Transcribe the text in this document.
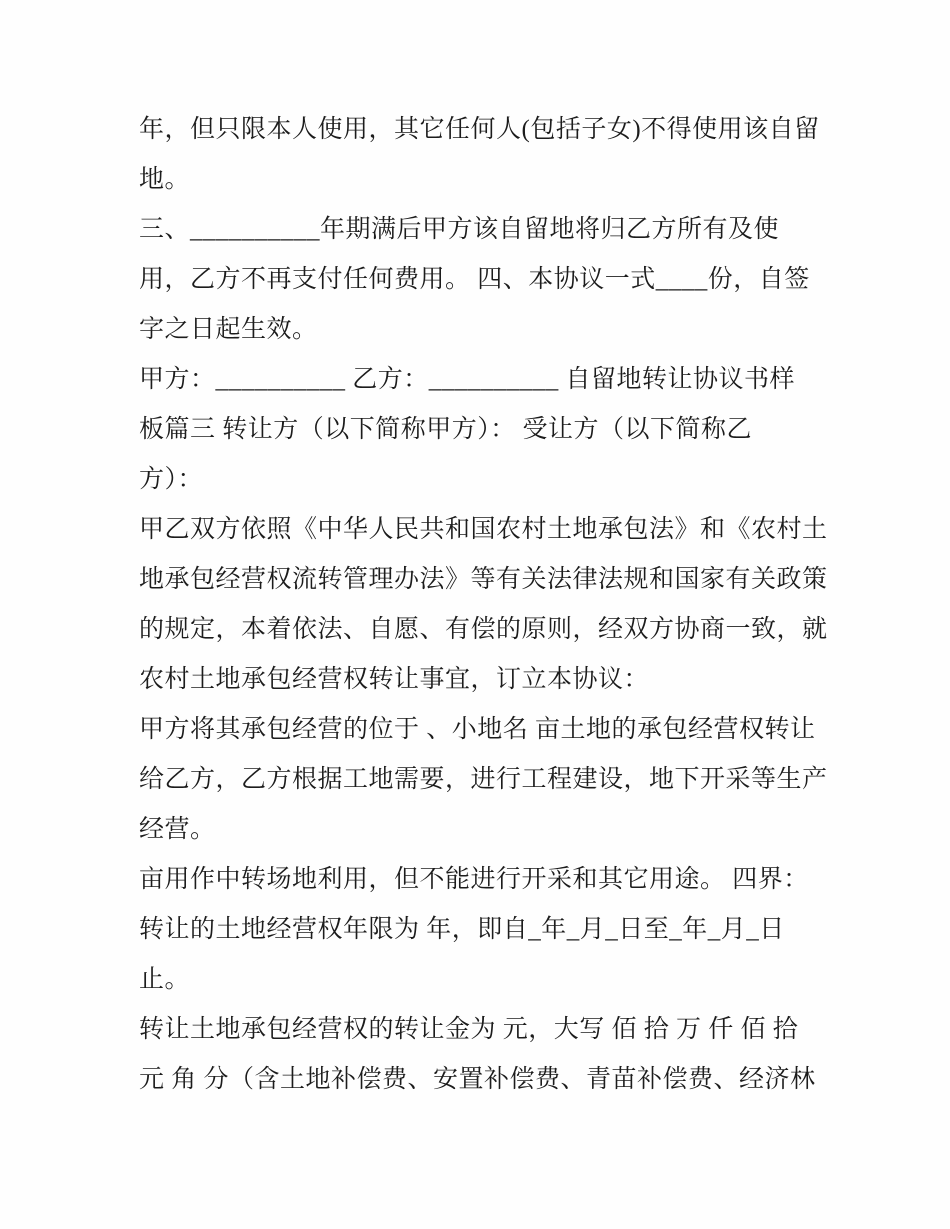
年，但只限本人使用，其它任何人(包括子女)不得使用该自留
地。
三、__________年期满后甲方该自留地将归乙方所有及使
用，乙方不再支付任何费用。 四、本协议一式____份，自签
字之日起生效。
甲方：__________ 乙方：__________ 自留地转让协议书样
板篇三 转让方（以下简称甲方）： 受让方（以下简称乙
方）：
甲乙双方依照《中华人民共和国农村土地承包法》和《农村土
地承包经营权流转管理办法》等有关法律法规和国家有关政策
的规定，本着依法、自愿、有偿的原则，经双方协商一致，就
农村土地承包经营权转让事宜，订立本协议：
甲方将其承包经营的位于 、小地名 亩土地的承包经营权转让
给乙方，乙方根据工地需要，进行工程建设，地下开采等生产
经营。
亩用作中转场地利用，但不能进行开采和其它用途。 四界：
转让的土地经营权年限为 年，即自_年_月_日至_年_月_日
止。
转让土地承包经营权的转让金为 元，大写 佰 拾 万 仟 佰 拾
元 角 分（含土地补偿费、安置补偿费、青苗补偿费、经济林
